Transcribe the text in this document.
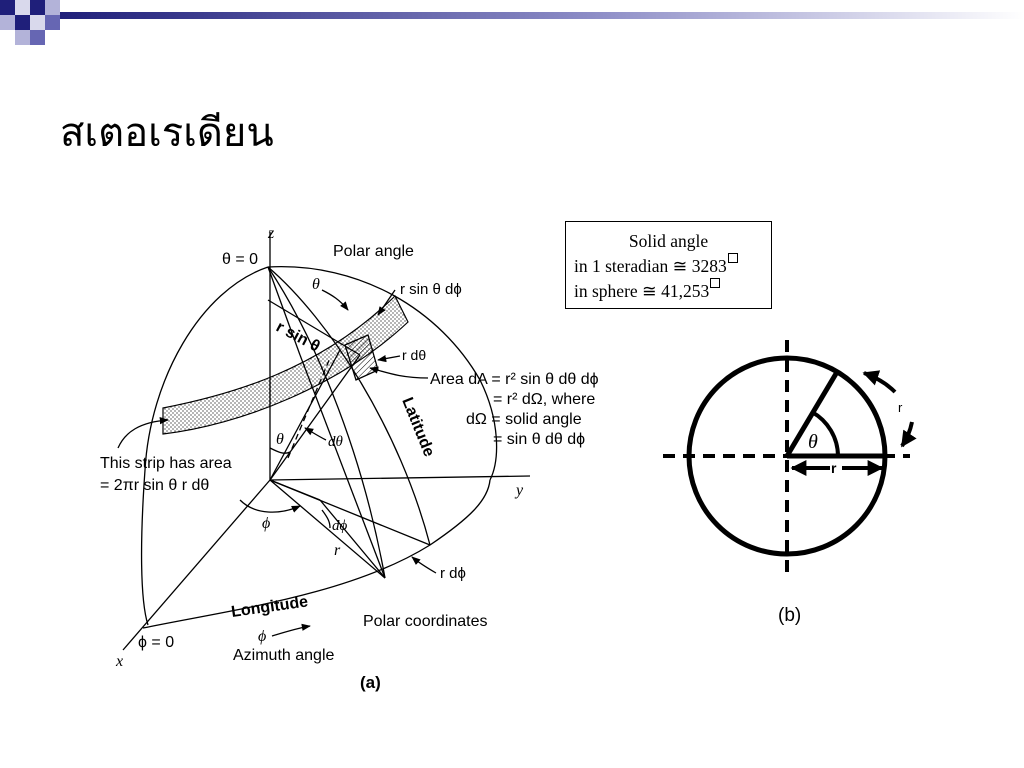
สเตอเรเดียน
z
y
x
θ = 0
ϕ = 0
Polar angle
θ	r sin θ dϕ
r sin θ	r dθ
Area dA = r² sin θ dθ dϕ
= r² dΩ, where
dΩ = solid angle
= sin θ dθ dϕ
Latitude
θ	dθ
This strip has area
= 2πr sin θ r dθ
ϕ	dϕ
r
r dϕ
Longitude
Polar coordinates
ϕ
Azimuth angle
(a)
Solid angle
in 1 steradian ≅ 3283
in sphere ≅ 41,253
θ
r
r
(b)
